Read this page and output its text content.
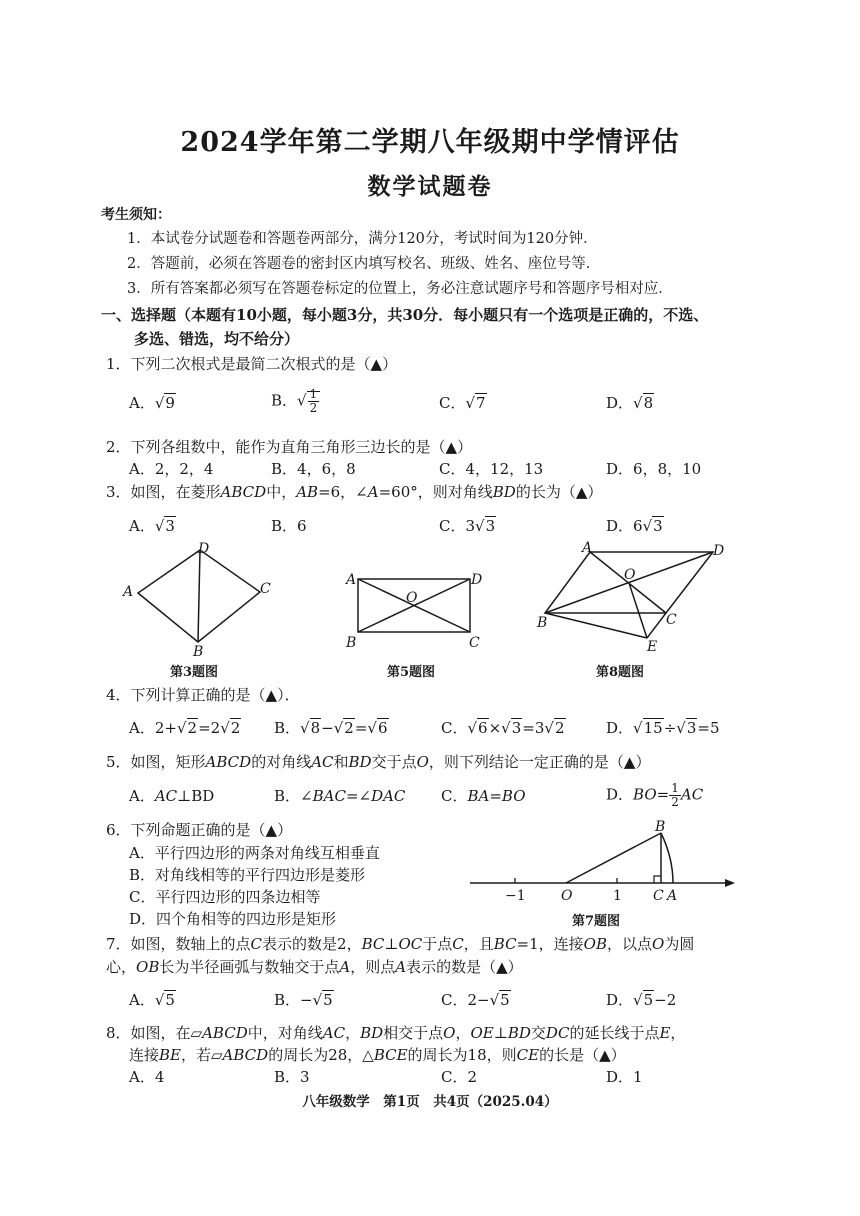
2024学年第二学期八年级期中学情评估
数学试题卷
考生须知：
1．本试卷分试题卷和答题卷两部分，满分120分，考试时间为120分钟．
2．答题前，必须在答题卷的密封区内填写校名、班级、姓名、座位号等．
3．所有答案都必须写在答题卷标定的位置上，务必注意试题序号和答题序号相对应．
一、选择题（本题有10小题，每小题3分，共30分．每小题只有一个选项是正确的，不选、
多选、错选，均不给分）
1．下列二次根式是最简二次根式的是（▲）
A．√9	B．√ $\frac{1}{2}$	C．√7	D．√8
2．下列各组数中，能作为直角三角形三边长的是（▲）
A．2，2，4	B．4，6，8	C．4，12，13	D．6，8，10
3．如图，在菱形ABCD中，AB=6，∠A=60°，则对角线BD的长为（▲）
A．√3	B．6	C．3√3	D．6√3
D
A	C
B
第3题图
A	D
O
B	C
第5题图
A	D
O
B	C
E
第8题图
4．下列计算正确的是（▲）．
A．2+√2=2√2 B．√8−√2=√6	C．√6×√3=3√2	D．√15÷√3=5
5．如图，矩形ABCD的对角线AC和BD交于点O，则下列结论一定正确的是（▲）
A．AC⊥BD	B．∠BAC=∠DAC C．BA=BO	D．$BO= \frac{1}{2}$ AC
6．下列命题正确的是（▲）
A．平行四边形的两条对角线互相垂直
B．对角线相等的平行四边形是菱形
C．平行四边形的四条边相等
D．四个角相等的四边形是矩形
B
−1	O	1 C A
第7题图
7．如图，数轴上的点C表示的数是2，BC⊥OC于点C，且BC=1，连接OB，以点O为圆
心，OB长为半径画弧与数轴交于点A，则点A表示的数是（▲）
A．√5	B．−√5	C．2−√5	D．√5−2
8．如图，在▱ABCD中，对角线AC，BD相交于点O，OE⊥BD交DC的延长线于点E，
连接BE，若▱ABCD的周长为28，△BCE的周长为18，则CE的长是（▲）
A．4	B．3	C．2	D．1
八年级数学　第1页　共4页（2025.04）
